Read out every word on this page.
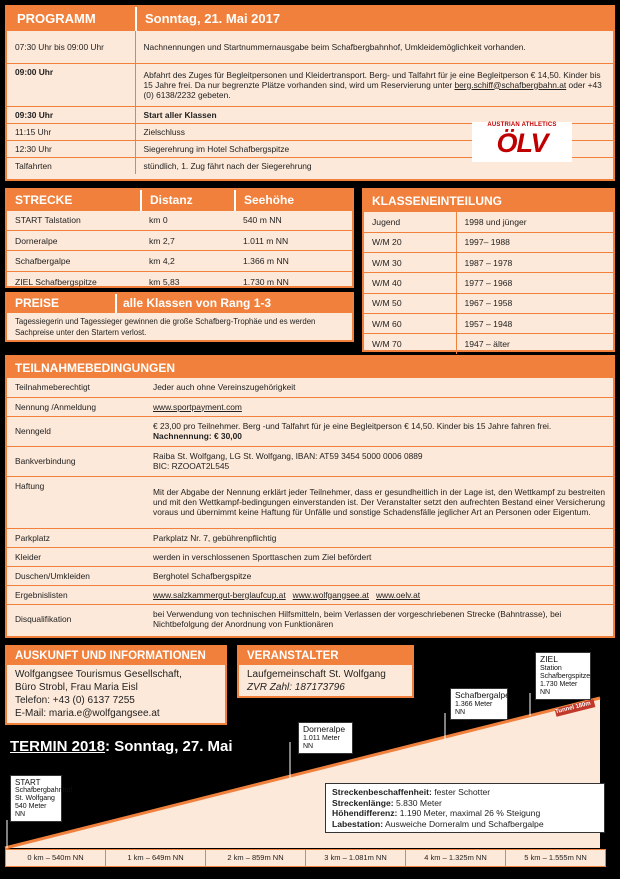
PROGRAMM	Sonntag, 21. Mai 2017
07:30 Uhr bis 09:00 Uhr	Nachnennungen und Startnummernausgabe beim Schafbergbahnhof, Umkleidemöglichkeit vorhanden.
09:00 Uhr	Abfahrt des Zuges für Begleitpersonen und Kleidertransport. Berg- und Talfahrt für je eine Begleitperson € 14,50. Kinder bis 15 Jahre frei. Da nur begrenzte Plätze vorhanden sind, wird um Reservierung unter berg.schiff@schafbergbahn.at oder +43 (0) 6138/2232 gebeten.
09:30 Uhr	Start aller Klassen
11:15 Uhr	Zielschluss
12:30 Uhr	Siegerehrung im Hotel Schafbergspitze
Talfahrten	stündlich, 1. Zug fährt nach der Siegerehrung
AUSTRIAN ATHLETICS
ÖLV
STRECKE	Distanz	Seehöhe
START Talstation	km 0	540 m NN
Dorneralpe	km 2,7	1.011 m NN
Schafbergalpe	km 4,2	1.366 m NN
ZIEL Schafbergspitze	km 5,83	1.730 m NN
PREISE	alle Klassen von Rang 1-3
Tagessiegerin und Tagessieger gewinnen die große Schafberg-Trophäe und es werden Sachpreise unter den Startern verlost.
KLASSENEINTEILUNG
Jugend	1998 und jünger
W/M 20	1997– 1988
W/M 30	1987 – 1978
W/M 40	1977 – 1968
W/M 50	1967 – 1958
W/M 60	1957 – 1948
W/M 70	1947 – älter
TEILNAHMEBEDINGUNGEN
Teilnahmeberechtigt	Jeder auch ohne Vereinszugehörigkeit
Nennung /Anmeldung	www.sportpayment.com
Nenngeld	€ 23,00 pro Teilnehmer. Berg -und Talfahrt für je eine Begleitperson € 14,50. Kinder bis 15 Jahre fahren frei. Nachnennung: € 30,00
Bankverbindung	Raiba St. Wolfgang, LG St. Wolfgang, IBAN: AT59 3454 5000 0006 0889
BIC: RZOOAT2L545

Haftung	Mit der Abgabe der Nennung erklärt jeder Teilnehmer, dass er gesundheitlich in der Lage ist, den Wettkampf zu bestreiten und mit den Wettkampf-bedingungen einverstanden ist. Der Veranstalter setzt den aufrechten Bestand einer Versicherung voraus und übernimmt keine Haftung für Unfälle und sonstige Schadensfälle jeglicher Art an Personen oder Eigentum.
Parkplatz	Parkplatz Nr. 7, gebührenpflichtig
Kleider	werden in verschlossenen Sporttaschen zum Ziel befördert
Duschen/Umkleiden	Berghotel Schafbergspitze
Ergebnislisten	www.salzkammergut-berglaufcup.at www.wolfgangsee.at www.oelv.at
Disqualifikation	bei Verwendung von technischen Hilfsmitteln, beim Verlassen der vorgeschriebenen Strecke (Bahntrasse), bei Nichtbefolgung der Anordnung von Funktionären
AUSKUNFT UND INFORMATIONEN
Wolfgangsee Tourismus Gesellschaft,
Büro Strobl, Frau Maria Eisl
Telefon: +43 (0) 6137 7255
E-Mail: maria.e@wolfgangsee.at
VERANSTALTER
Laufgemeinschaft St. Wolfgang
ZVR Zahl: 187173796
TERMIN 2018: Sonntag, 27. Mai
Tunnel 180m
START
Schafbergbahnhof
St. Wolfgang
540 Meter NN
Dorneralpe
1.011 Meter NN
Schafbergalpe
1.366 Meter NN
ZIEL
Station
Schafbergspitze
1.730 Meter NN
Streckenbeschaffenheit: fester Schotter
Streckenlänge: 5.830 Meter
Höhendifferenz: 1.190 Meter, maximal 26 % Steigung
Labestation: Ausweiche Dorneralm und Schafbergalpe
0 km – 540m NN	1 km – 649m NN	2 km – 859m NN	3 km – 1.081m NN	4 km – 1.325m NN	5 km – 1.555m NN
